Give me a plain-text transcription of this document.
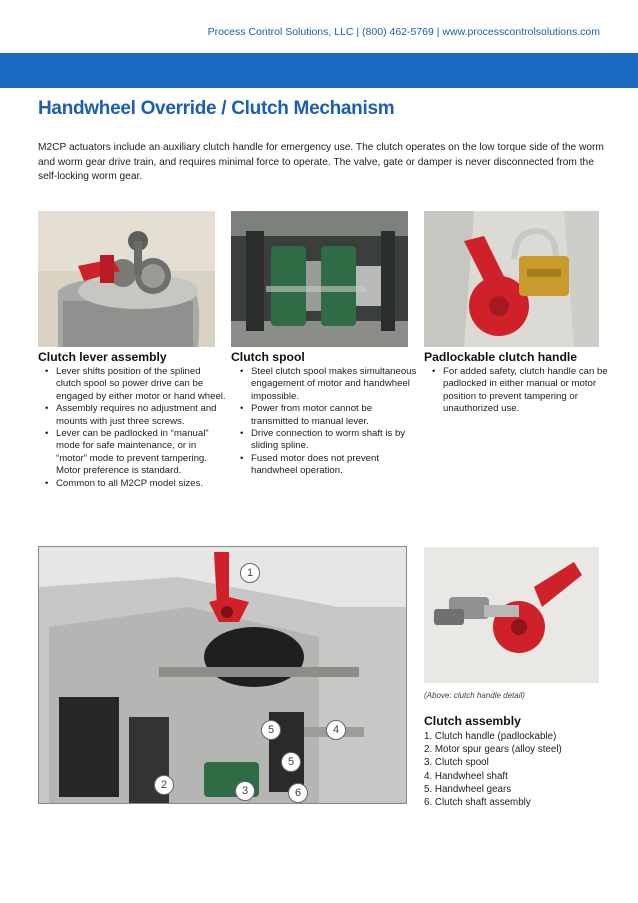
Process Control Solutions, LLC | (800) 462-5769 | www.processcontrolsolutions.com
Handwheel Override / Clutch Mechanism
M2CP actuators include an auxiliary clutch handle for emergency use. The clutch operates on the low torque side of the worm and worm gear drive train, and requires minimal force to operate. The valve, gate or damper is never disconnected from the self-locking worm gear.
Clutch lever assembly
• Lever shifts position of the splined clutch spool so power drive can be engaged by either motor or hand wheel.
• Assembly requires no adjustment and mounts with just three screws.
• Lever can be padlocked in “manual” mode for safe maintenance, or in “motor” mode to prevent tampering. Motor preference is standard.
• Common to all M2CP model sizes.
Clutch spool
• Steel clutch spool makes simultaneous engagement of motor and handwheel impossible.
• Power from motor cannot be transmitted to manual lever.
• Drive connection to worm shaft is by sliding spline.
• Fused motor does not prevent handwheel operation.
Padlockable clutch handle
• For added safety, clutch handle can be padlocked in either manual or motor position to prevent tampering or unauthorized use.
1
2	3
4
5
5
6
(Above: clutch handle detail)
Clutch assembly
1. Clutch handle (padlockable)
2. Motor spur gears (alloy steel)
3. Clutch spool
4. Handwheel shaft
5. Handwheel gears
6. Clutch shaft assembly
